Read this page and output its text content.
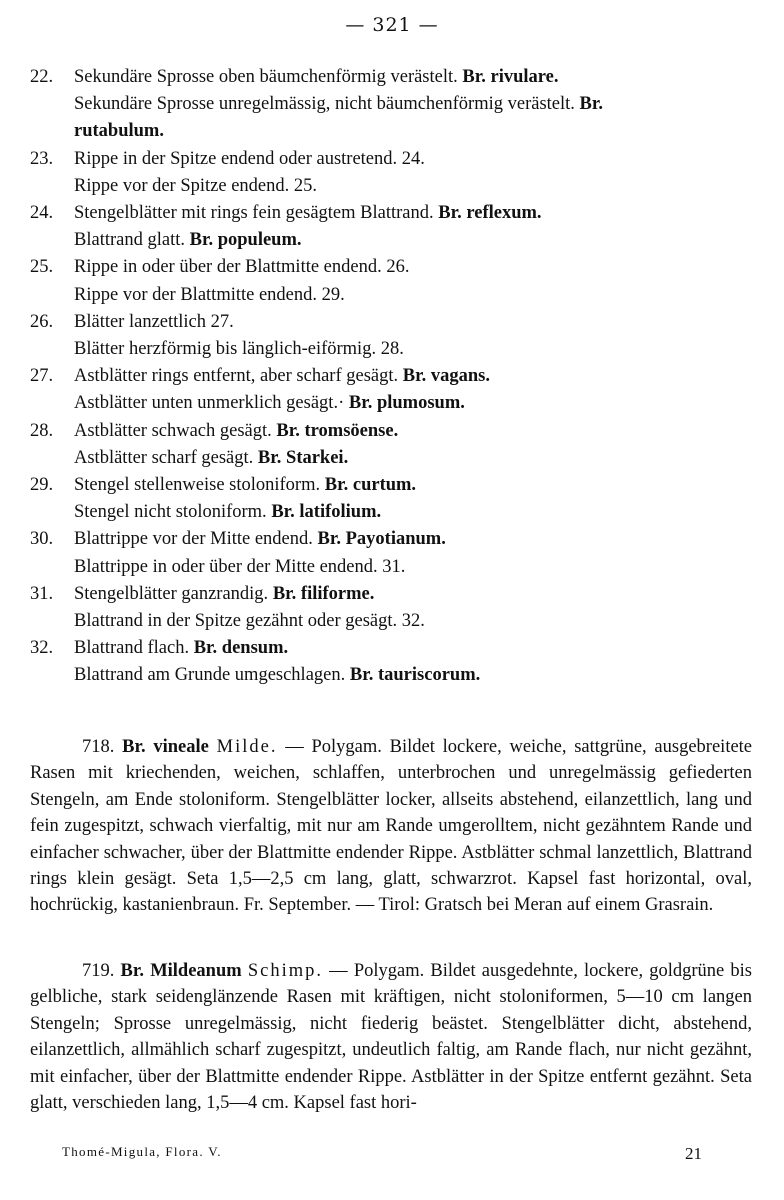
— 321 —
22. Sekundäre Sprosse oben bäumchenförmig verästelt. Br. rivulare.
Sekundäre Sprosse unregelmässig, nicht bäumchenförmig verästelt. Br.
rutabulum.
23. Rippe in der Spitze endend oder austretend. 24.
Rippe vor der Spitze endend. 25.
24. Stengelblätter mit rings fein gesägtem Blattrand. Br. reflexum.
Blattrand glatt. Br. populeum.
25. Rippe in oder über der Blattmitte endend. 26.
Rippe vor der Blattmitte endend. 29.
26. Blätter lanzettlich 27.
Blätter herzförmig bis länglich-eiförmig. 28.
27. Astblätter rings entfernt, aber scharf gesägt. Br. vagans.
Astblätter unten unmerklich gesägt.· Br. plumosum.
28. Astblätter schwach gesägt. Br. tromsöense.
Astblätter scharf gesägt. Br. Starkei.
29. Stengel stellenweise stoloniform. Br. curtum.
Stengel nicht stoloniform. Br. latifolium.
30. Blattrippe vor der Mitte endend. Br. Payotianum.
Blattrippe in oder über der Mitte endend. 31.
31. Stengelblätter ganzrandig. Br. filiforme.
Blattrand in der Spitze gezähnt oder gesägt. 32.
32. Blattrand flach. Br. densum.
Blattrand am Grunde umgeschlagen. Br. tauriscorum.

718. Br. vineale Milde. — Polygam. Bildet lockere, weiche, sattgrüne, ausgebreitete Rasen mit kriechenden, weichen, schlaffen, unterbrochen und unregelmässig gefiederten Stengeln, am Ende stoloniform. Stengelblätter locker, allseits abstehend, eilanzettlich, lang und fein zugespitzt, schwach vierfaltig, mit nur am Rande umgerolltem, nicht gezähntem Rande und einfacher schwacher, über der Blattmitte endender Rippe. Astblätter schmal lanzettlich, Blattrand rings klein gesägt. Seta 1,5—2,5 cm lang, glatt, schwarzrot. Kapsel fast horizontal, oval, hochrückig, kastanienbraun. Fr. September. — Tirol: Gratsch bei Meran auf einem Grasrain.

719. Br. Mildeanum Schimp. — Polygam. Bildet ausgedehnte, lockere, goldgrüne bis gelbliche, stark seidenglänzende Rasen mit kräftigen, nicht stoloniformen, 5—10 cm langen Stengeln; Sprosse unregelmässig, nicht fiederig beästet. Stengelblätter dicht, abstehend, eilanzettlich, allmählich scharf zugespitzt, undeutlich faltig, am Rande flach, nur nicht gezähnt, mit einfacher, über der Blattmitte endender Rippe. Astblätter in der Spitze entfernt gezähnt. Seta glatt, verschieden lang, 1,5—4 cm. Kapsel fast hori-

Thomé-Migula, Flora. V.	21
